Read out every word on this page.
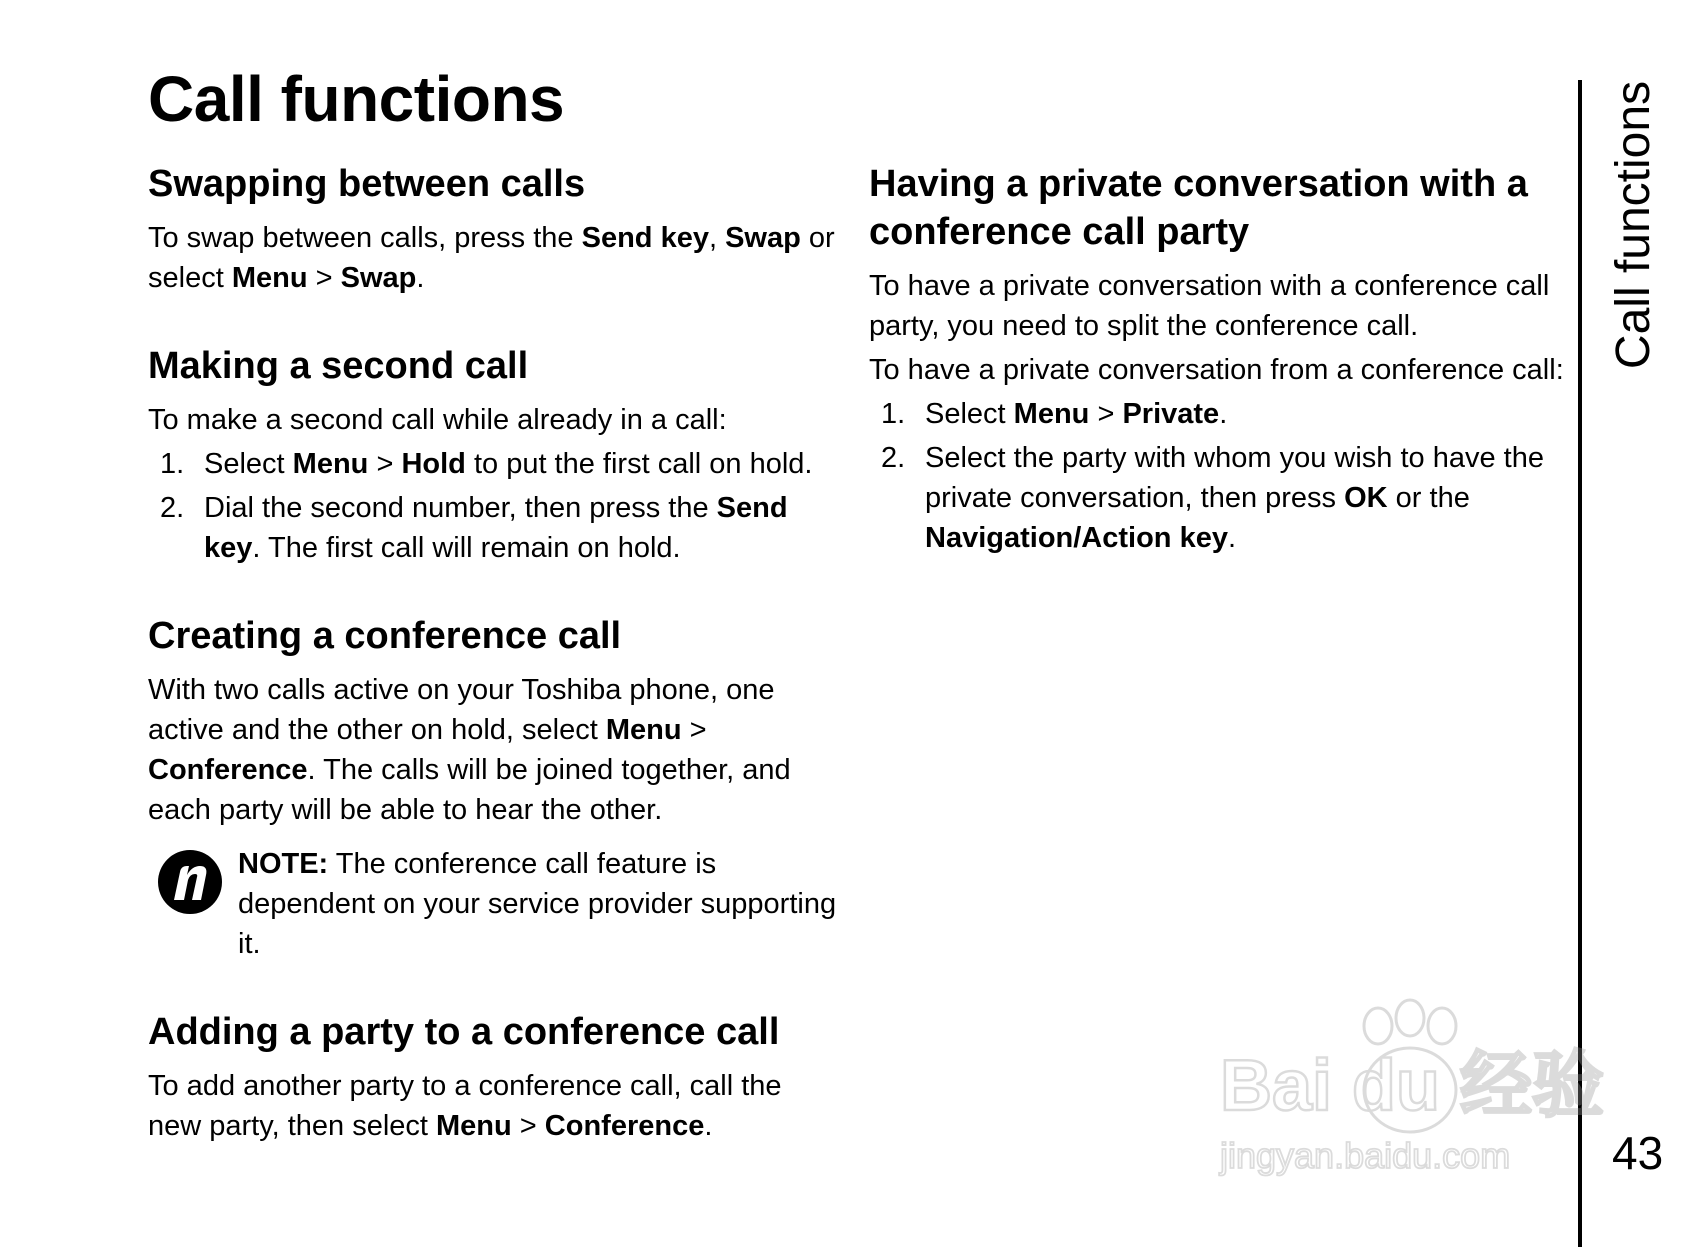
Call functions
Swapping between calls

To swap between calls, press the Send key, Swap or select Menu > Swap.

Making a second call

To make a second call while already in a call:

1. Select Menu > Hold to put the first call on hold.
2. Dial the second number, then press the Send key. The first call will remain on hold.
Creating a conference call

With two calls active on your Toshiba phone, one active and the other on hold, select Menu > Conference. The calls will be joined together, and each party will be able to hear the other.

NOTE: The conference call feature is dependent on your service provider supporting it.

Adding a party to a conference call

To add another party to a conference call, call the new party, then select Menu > Conference.

Having a private conversation with a conference call party

To have a private conversation with a conference call party, you need to split the conference call.

To have a private conversation from a conference call:

1. Select Menu > Private.
2. Select the party with whom you wish to have the private conversation, then press OK or the Navigation/Action key.
Call functions
43
Bai du 经验
jingyan.baidu.com
